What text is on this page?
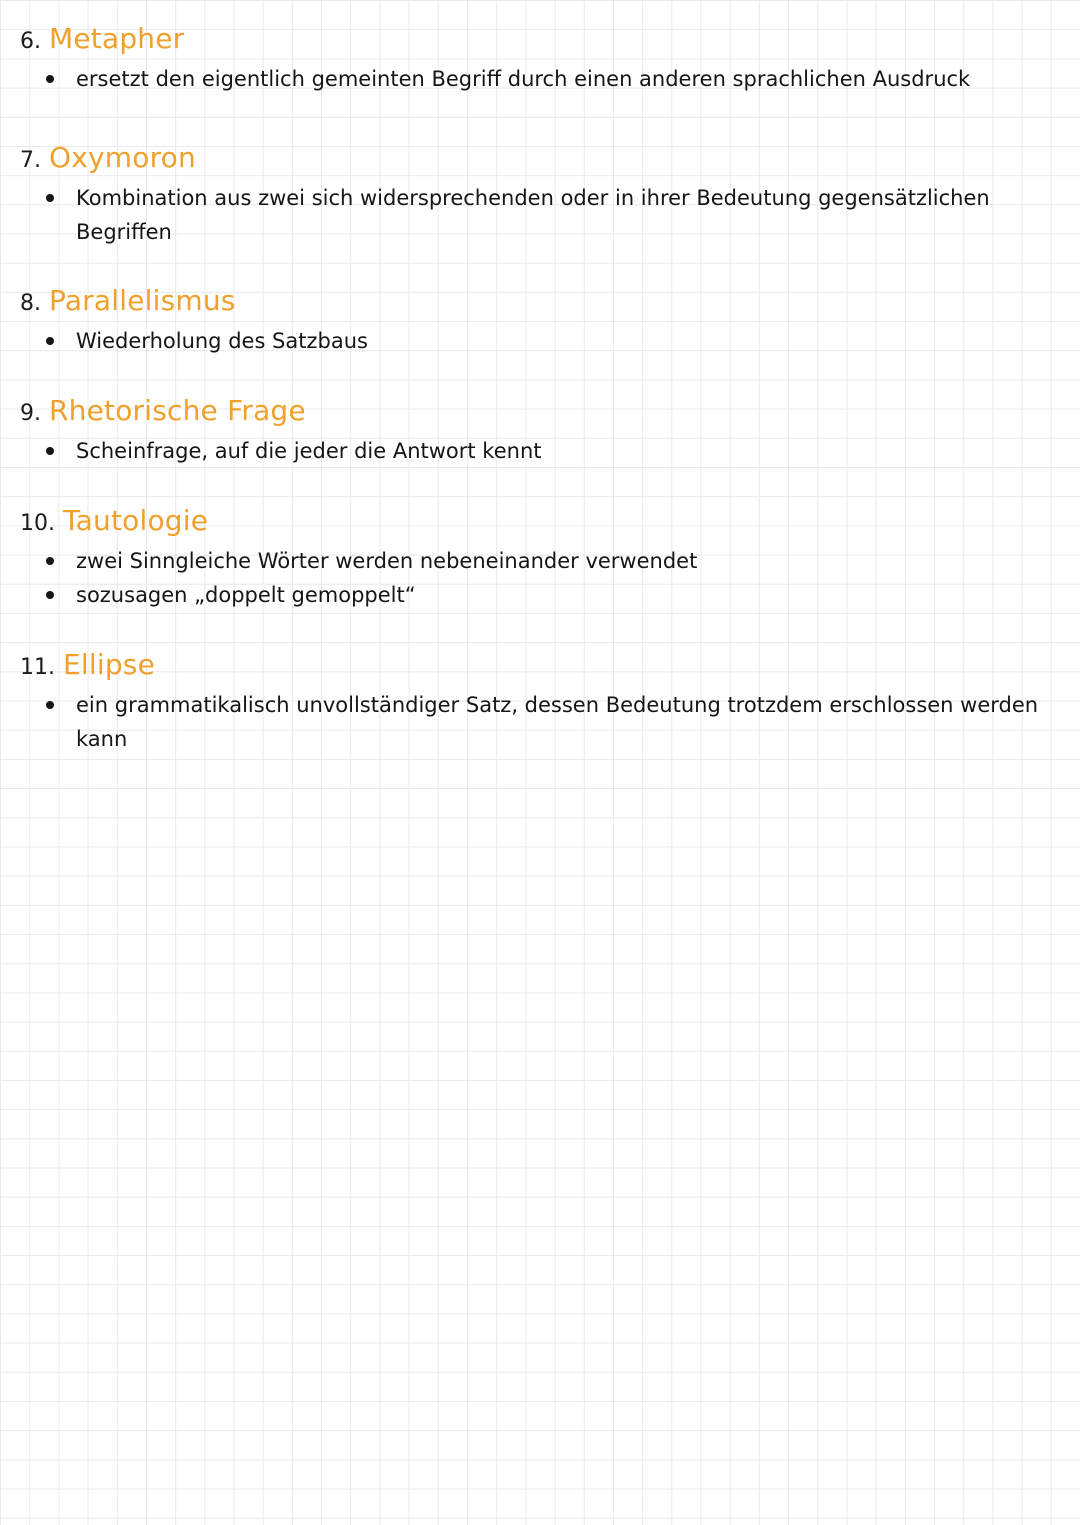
6. Metapher
ersetzt den eigentlich gemeinten Begriff durch einen anderen sprachlichen Ausdruck
7. Oxymoron
Kombination aus zwei sich widersprechenden oder in ihrer Bedeutung gegensätzlichen Begriffen
8. Parallelismus
Wiederholung des Satzbaus
9. Rhetorische Frage
Scheinfrage, auf die jeder die Antwort kennt
10. Tautologie
zwei Sinngleiche Wörter werden nebeneinander verwendet
sozusagen „doppelt gemoppelt“
11. Ellipse
ein grammatikalisch unvollständiger Satz, dessen Bedeutung trotzdem erschlossen werden kann
